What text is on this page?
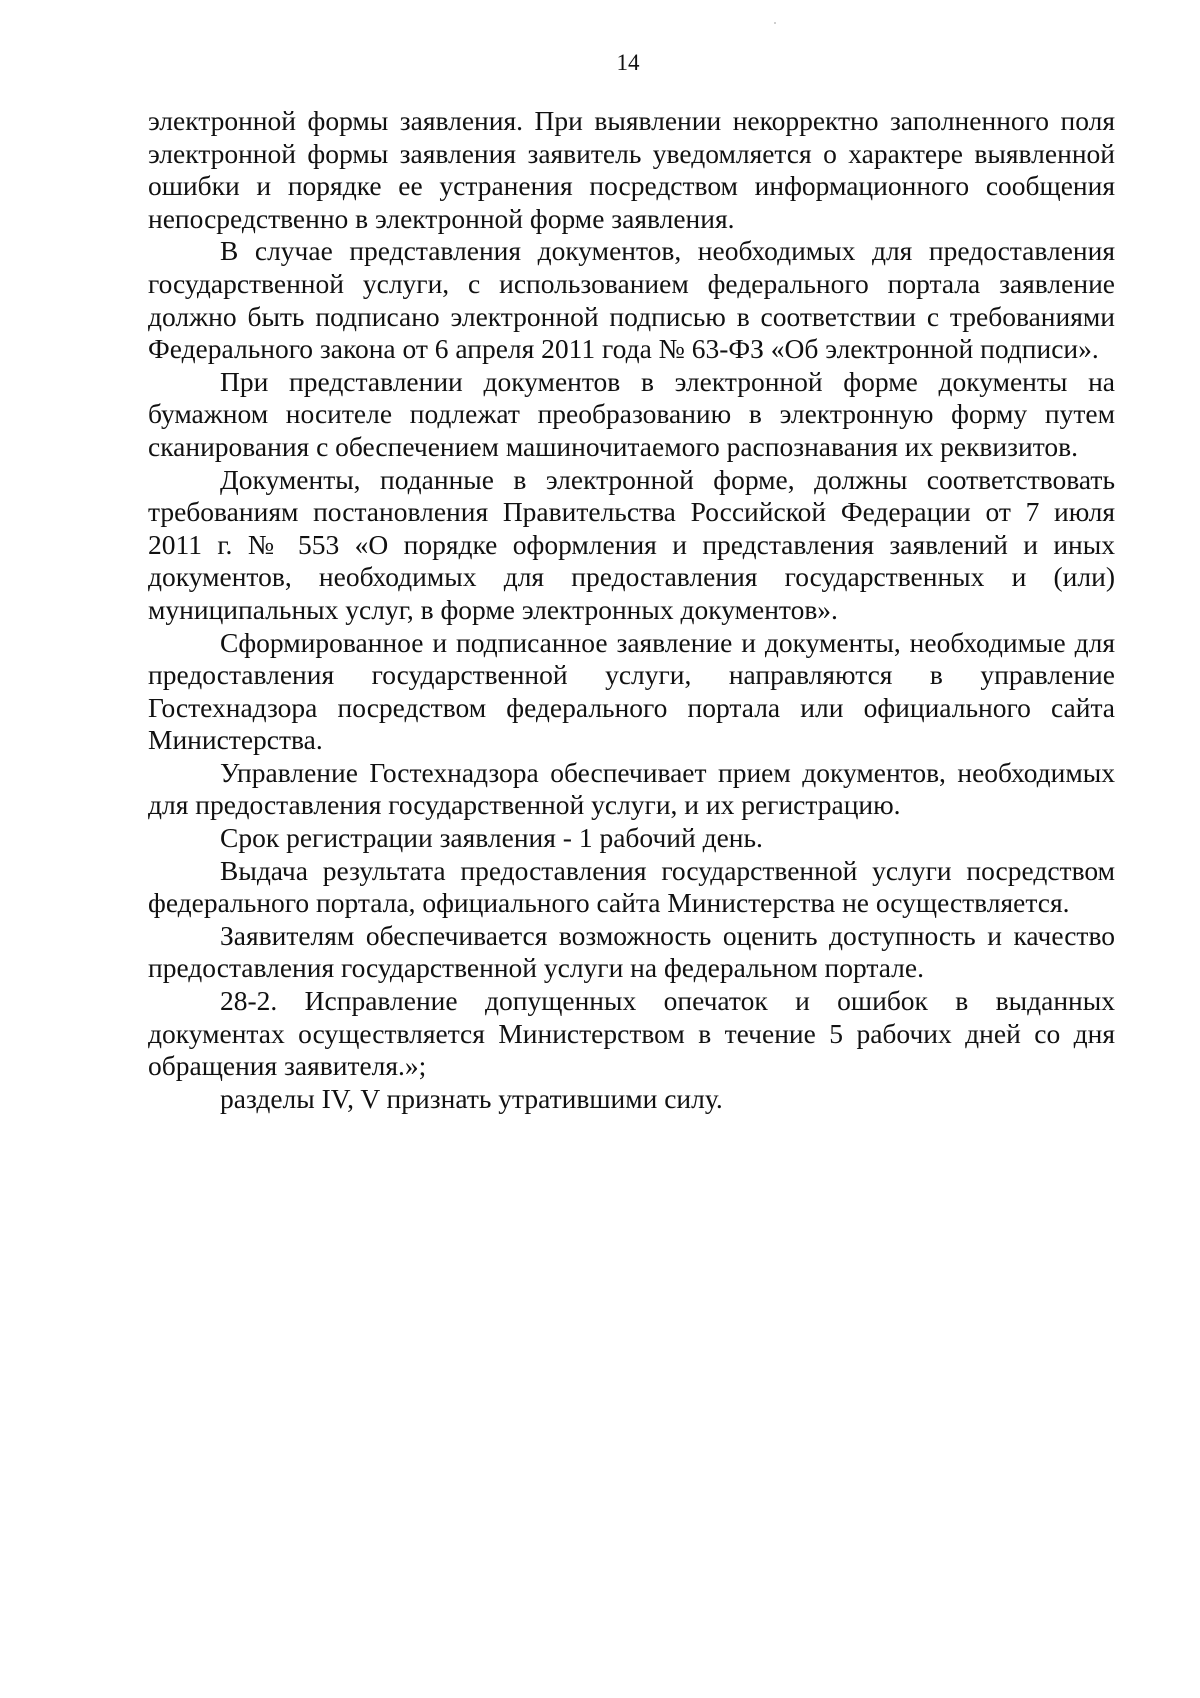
14

электронной формы заявления. При выявлении некорректно заполненного поля электронной формы заявления заявитель уведомляется о характере выявленной ошибки и порядке ее устранения посредством информационного сообщения непосредственно в электронной форме заявления.

В случае представления документов, необходимых для предоставления государственной услуги, с использованием федерального портала заявление должно быть подписано электронной подписью в соответствии с требованиями Федерального закона от 6 апреля 2011 года № 63-ФЗ «Об электронной подписи».

При представлении документов в электронной форме документы на бумажном носителе подлежат преобразованию в электронную форму путем сканирования с обеспечением машиночитаемого распознавания их реквизитов.

Документы, поданные в электронной форме, должны соответствовать требованиям постановления Правительства Российской Федерации от 7 июля 2011 г. № 553 «О порядке оформления и представления заявлений и иных документов, необходимых для предоставления государственных и (или) муниципальных услуг, в форме электронных документов».

Сформированное и подписанное заявление и документы, необходимые для предоставления государственной услуги, направляются в управление Гостехнадзора посредством федерального портала или официального сайта Министерства.

Управление Гостехнадзора обеспечивает прием документов, необходимых для предоставления государственной услуги, и их регистрацию.

Срок регистрации заявления - 1 рабочий день.

Выдача результата предоставления государственной услуги посредством федерального портала, официального сайта Министерства не осуществляется.

Заявителям обеспечивается возможность оценить доступность и качество предоставления государственной услуги на федеральном портале.

28-2. Исправление допущенных опечаток и ошибок в выданных документах осуществляется Министерством в течение 5 рабочих дней со дня обращения заявителя.»;

разделы IV, V признать утратившими силу.
